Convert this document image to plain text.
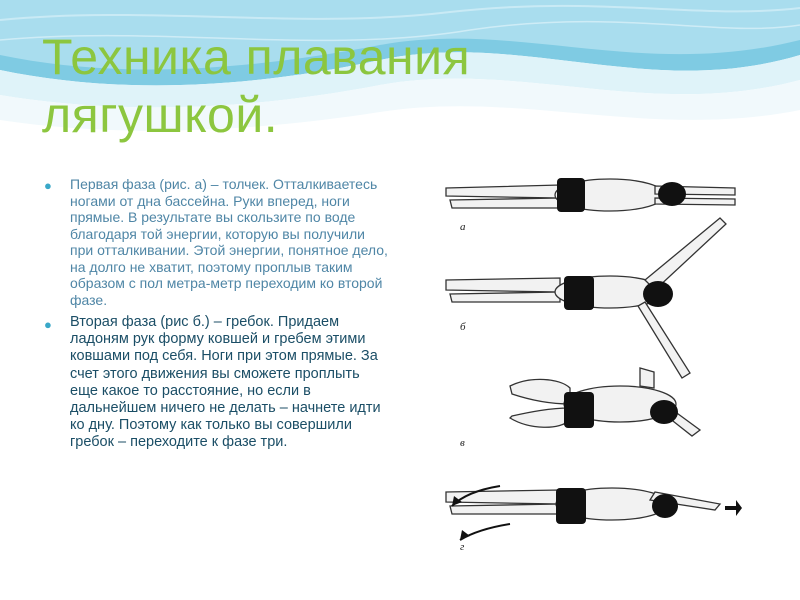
Техника плавания лягушкой.
● Первая фаза (рис. а) – толчек. Отталкиваетесь ногами от дна бассейна. Руки вперед, ноги прямые. В результате вы скользите по воде благодаря той энергии, которую вы получили при отталкивании. Этой энергии, понятное дело, на долго не хватит, поэтому проплыв таким образом с пол метра-метр переходим ко второй фазе.
● Вторая фаза (рис б.) – гребок. Придаем ладоням рук форму ковшей и гребем этими ковшами под себя. Ноги при этом прямые. За счет этого движения вы сможете проплыть еще какое то расстояние, но если в дальнейшем ничего не делать – начнете идти ко дну. Поэтому как только вы совершили гребок – переходите к фазе три.
а
б
в
г
